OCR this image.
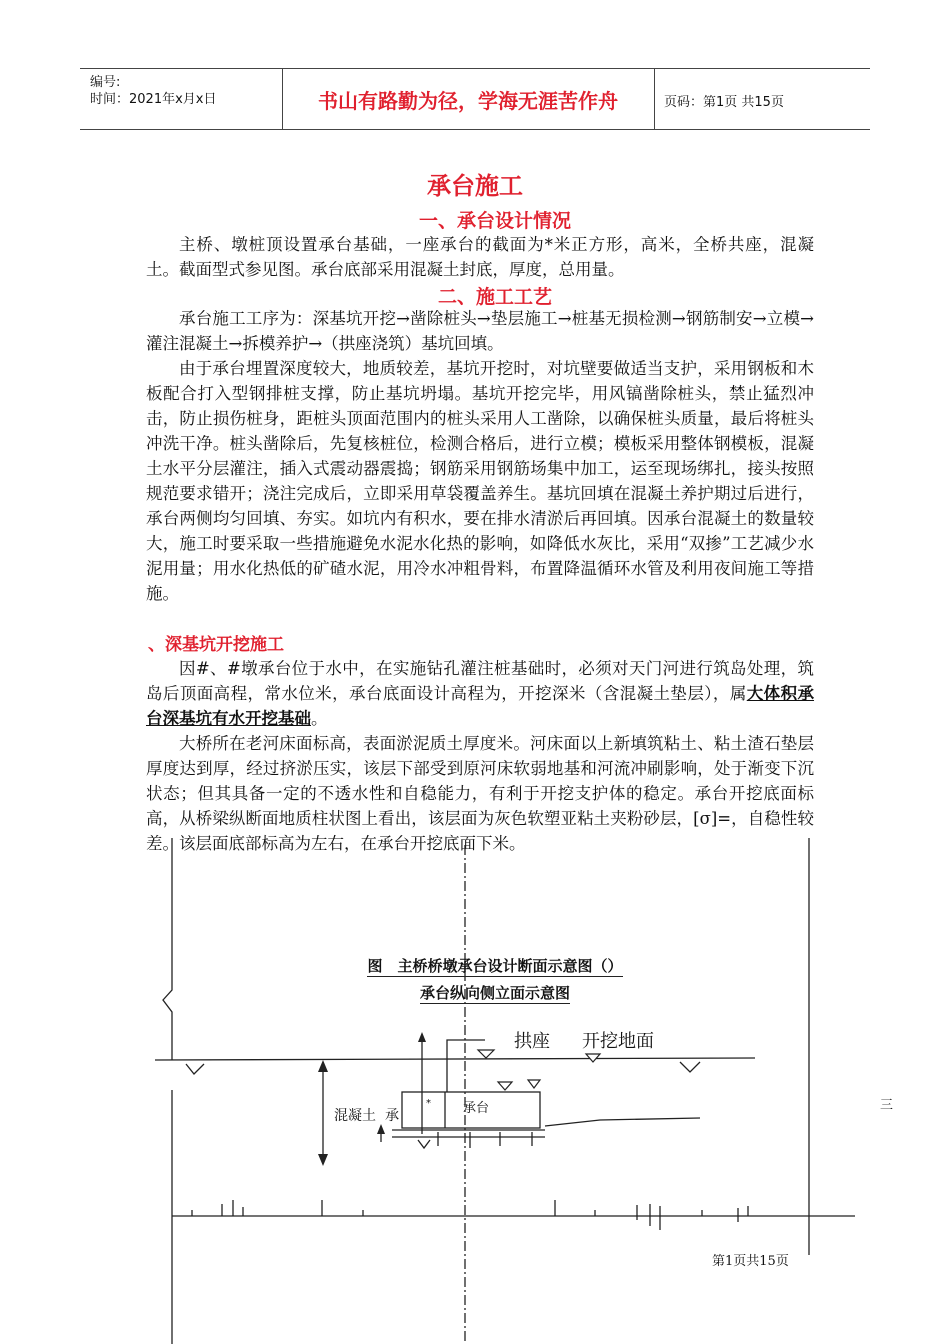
编号:
时间：2021年x月x日	书山有路勤为径，学海无涯苦作舟	页码：第1页 共15页
承台施工
一、承台设计情况

主桥、墩桩顶设置承台基础，一座承台的截面为*米正方形，高米，全桥共座，混凝土。截面型式参见图。承台底部采用混凝土封底，厚度，总用量。

二、施工工艺

承台施工工序为：深基坑开挖→凿除桩头→垫层施工→桩基无损检测→钢筋制安→立模→灌注混凝土→拆模养护→（拱座浇筑）基坑回填。

由于承台埋置深度较大，地质较差，基坑开挖时，对坑壁要做适当支护，采用钢板和木板配合打入型钢排桩支撑，防止基坑坍塌。基坑开挖完毕，用风镐凿除桩头，禁止猛烈冲击，防止损伤桩身，距桩头顶面范围内的桩头采用人工凿除，以确保桩头质量，最后将桩头冲洗干净。桩头凿除后，先复核桩位，检测合格后，进行立模；模板采用整体钢模板，混凝土水平分层灌注，插入式震动器震捣；钢筋采用钢筋场集中加工，运至现场绑扎，接头按照规范要求错开；浇注完成后，立即采用草袋覆盖养生。基坑回填在混凝土养护期过后进行，承台两侧均匀回填、夯实。如坑内有积水，要在排水清淤后再回填。因承台混凝土的数量较大，施工时要采取一些措施避免水泥水化热的影响，如降低水灰比，采用“双掺”工艺减少水泥用量；用水化热低的矿碴水泥，用冷水冲粗骨料，布置降温循环水管及利用夜间施工等措施。

、深基坑开挖施工

因#、#墩承台位于水中，在实施钻孔灌注桩基础时，必须对天门河进行筑岛处理，筑岛后顶面高程，常水位米，承台底面设计高程为，开挖深米（含混凝土垫层），属大体积承台深基坑有水开挖基础。

大桥所在老河床面标高，表面淤泥质土厚度米。河床面以上新填筑粘土、粘土渣石垫层厚度达到厚，经过挤淤压实，该层下部受到原河床软弱地基和河流冲刷影响，处于渐变下沉状态；但其具备一定的不透水性和自稳能力，有利于开挖支护体的稳定。承台开挖底面标高，从桥梁纵断面地质柱状图上看出，该层面为灰色软塑亚粘土夹粉砂层，[σ]=，自稳性较差。该层面底部标高为左右，在承台开挖底面下米。

图　主桥桥墩承台设计断面示意图（）
承台纵向侧立面示意图
拱座 开挖地面
混凝土 承
* 承台	三
第1页共15页
